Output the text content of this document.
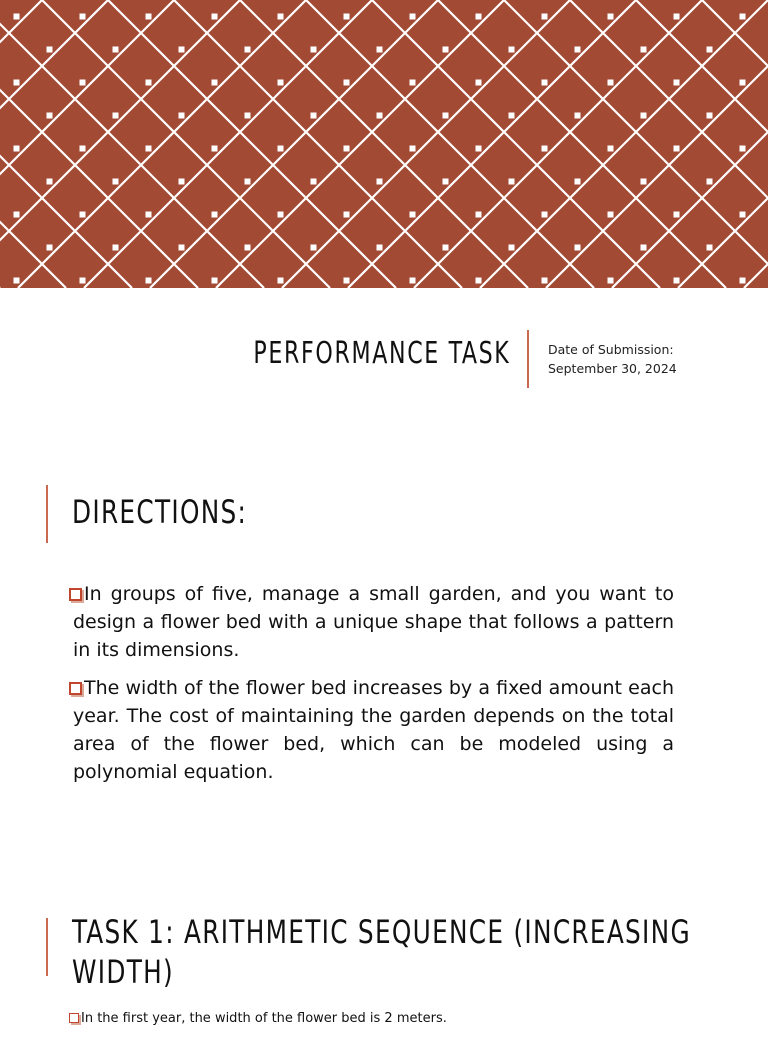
PERFORMANCE TASK	Date of Submission:
September 30, 2024
DIRECTIONS:

In groups of five, manage a small garden, and you want to design a flower bed with a unique shape that follows a pattern in its dimensions.

The width of the flower bed increases by a fixed amount each year. The cost of maintaining the garden depends on the total area of the flower bed, which can be modeled using a polynomial equation.

TASK 1: ARITHMETIC SEQUENCE (INCREASING
WIDTH)

In the first year, the width of the flower bed is 2 meters.
